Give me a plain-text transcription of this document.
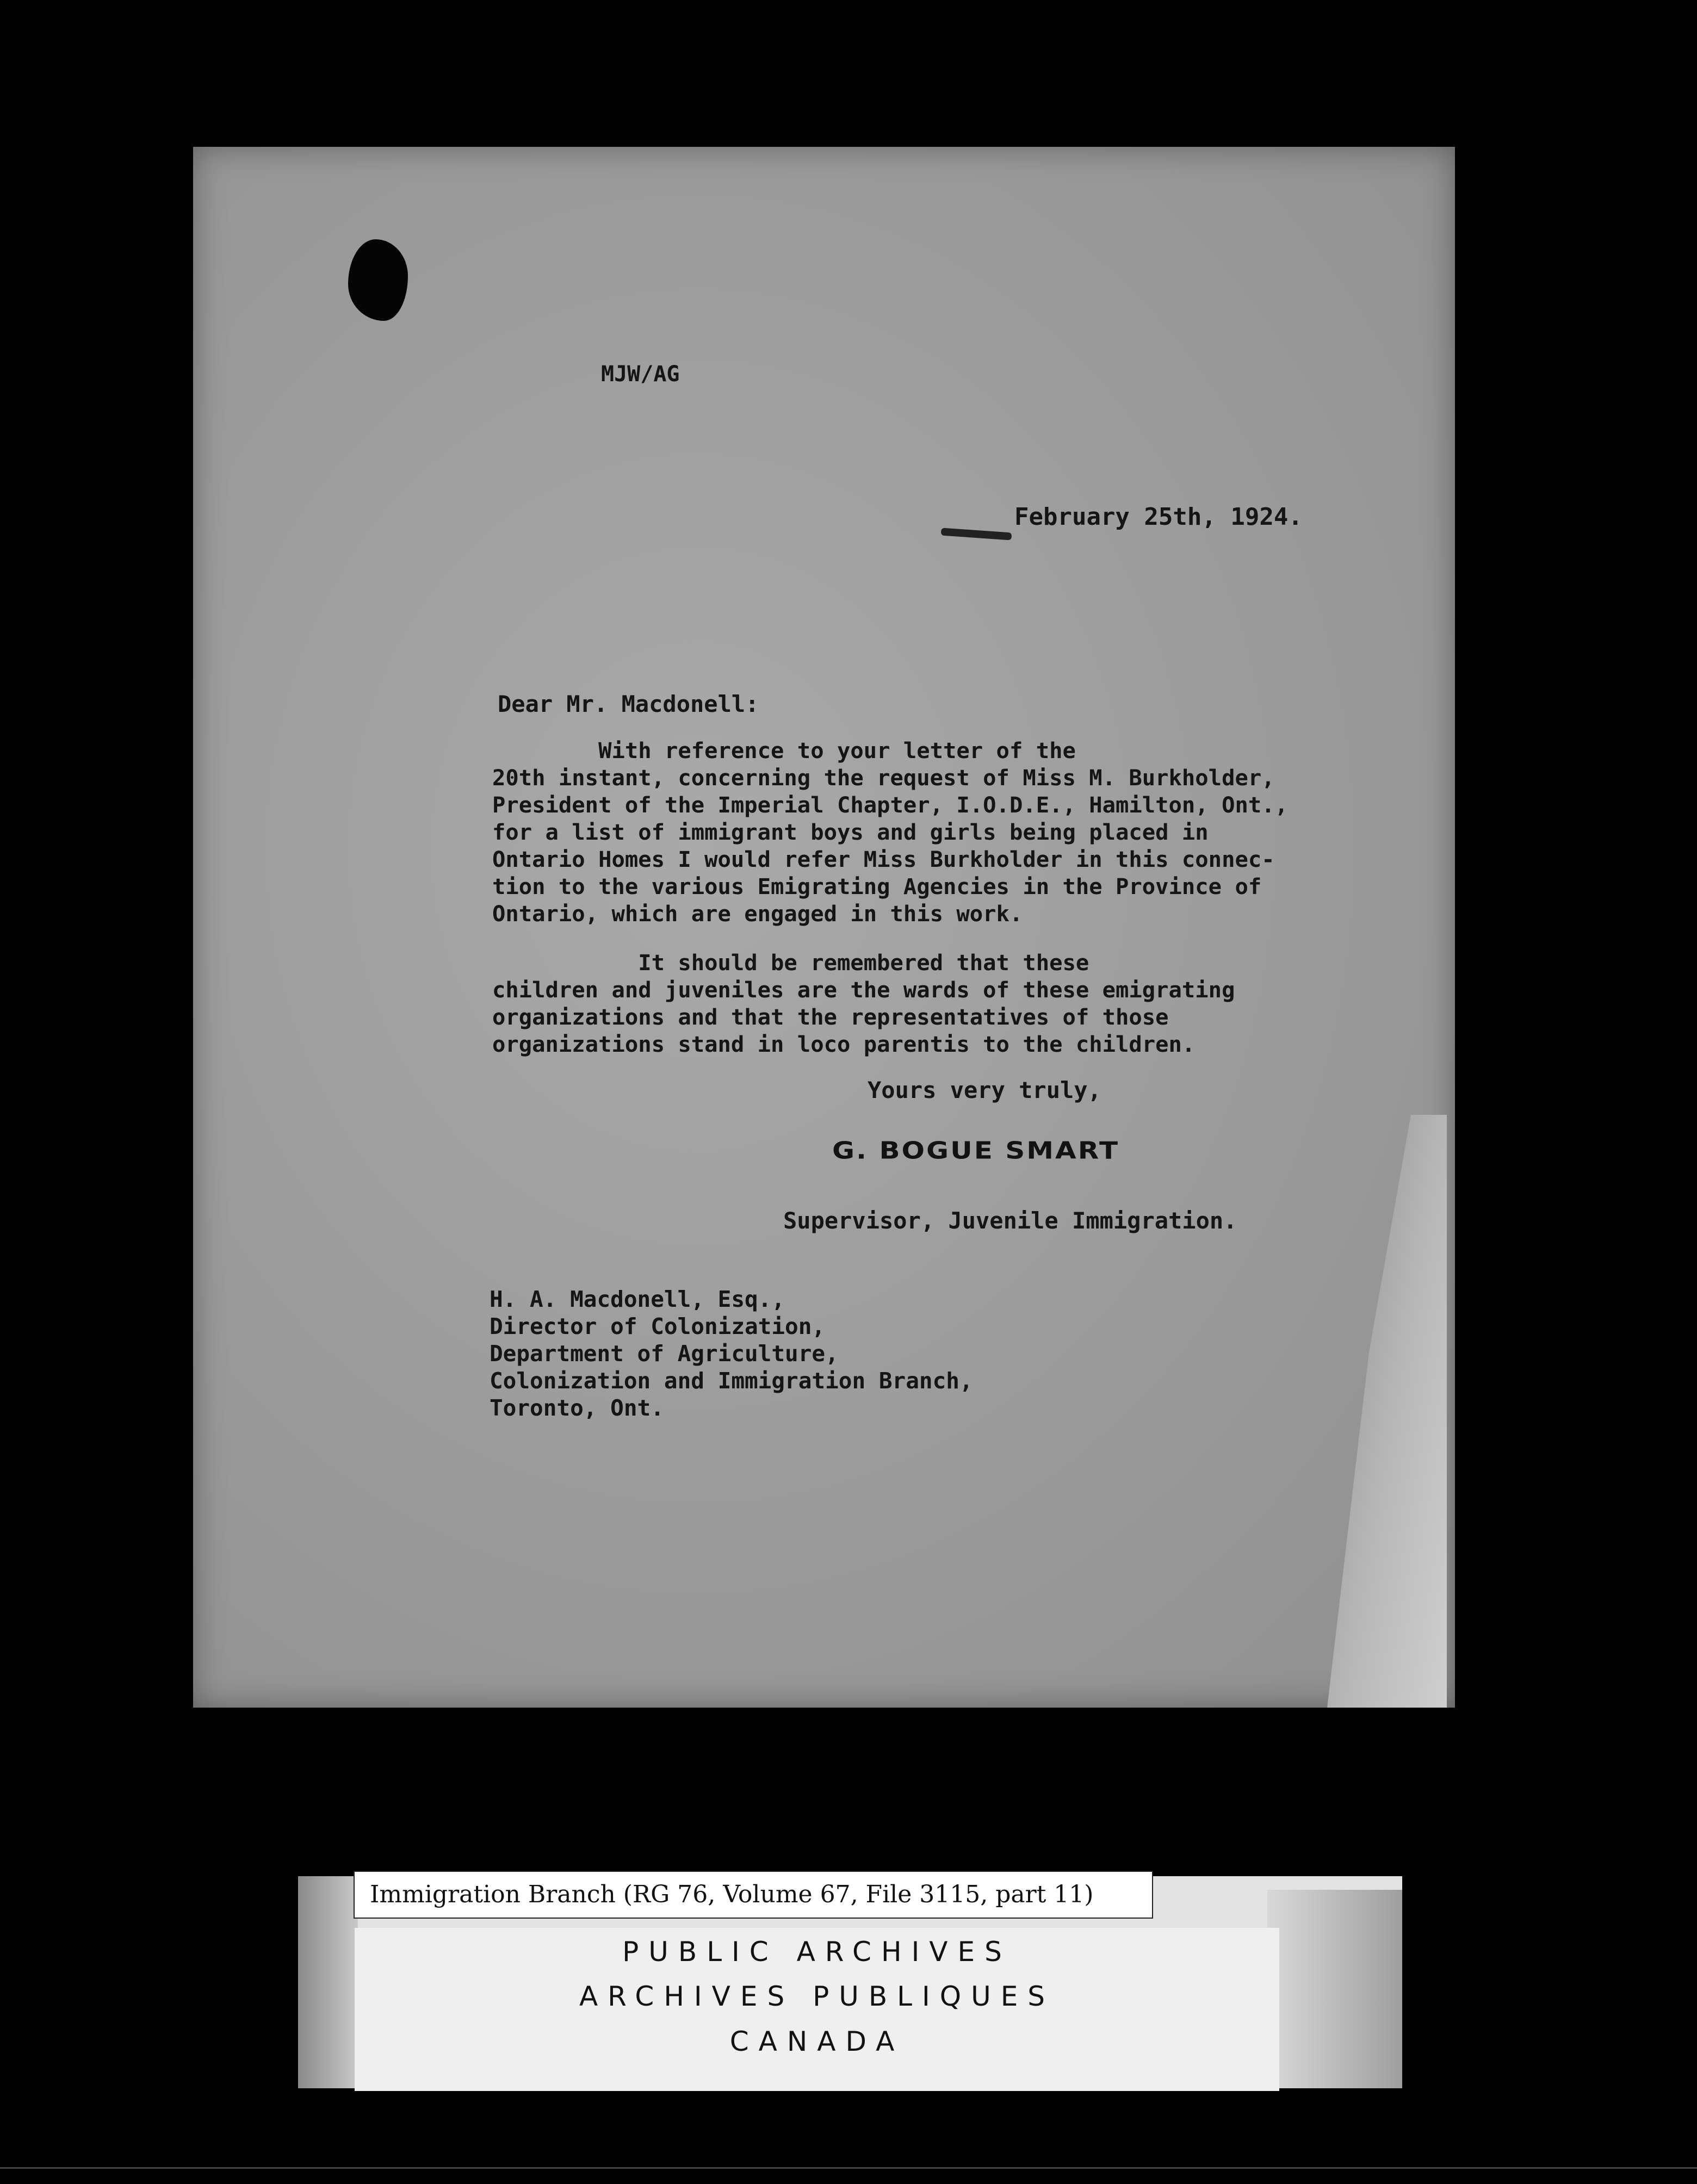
MJW/AG
February 25th, 1924.
Dear Mr. Macdonell:
With reference to your letter of the
20th instant, concerning the request of Miss M. Burkholder,
President of the Imperial Chapter, I.O.D.E., Hamilton, Ont.,
for a list of immigrant boys and girls being placed in
Ontario Homes I would refer Miss Burkholder in this connec-
tion to the various Emigrating Agencies in the Province of
Ontario, which are engaged in this work.
It should be remembered that these
children and juveniles are the wards of these emigrating
organizations and that the representatives of those
organizations stand in loco parentis to the children.
Yours very truly,
G. BOGUE SMART
Supervisor, Juvenile Immigration.
H. A. Macdonell, Esq.,
Director of Colonization,
Department of Agriculture,
Colonization and Immigration Branch,
Toronto, Ont.
Immigration Branch (RG 76, Volume 67, File 3115, part 11)
PUBLIC ARCHIVES
ARCHIVES PUBLIQUES
CANADA
